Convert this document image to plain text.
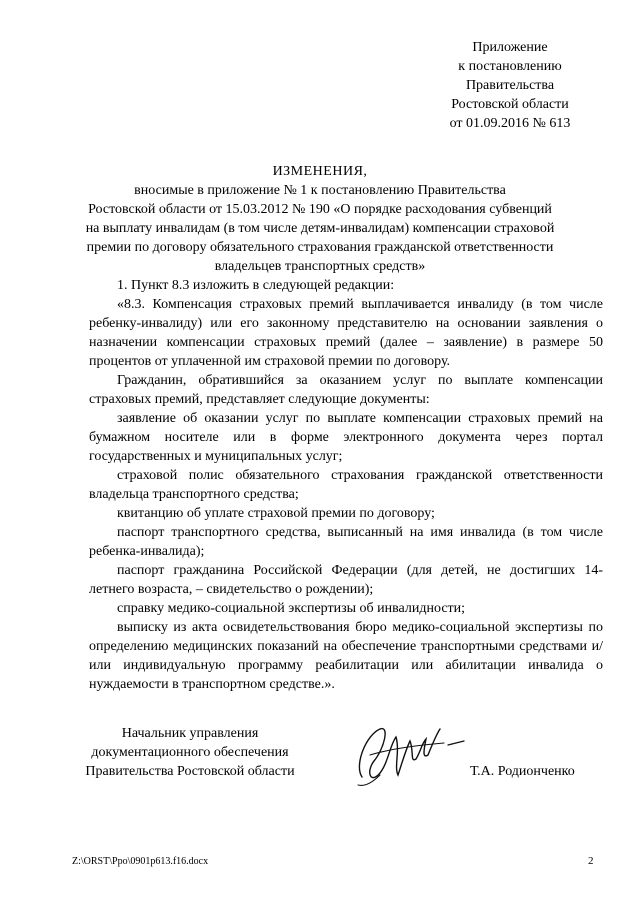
Приложение
к постановлению
Правительства
Ростовской области
от 01.09.2016 № 613
ИЗМЕНЕНИЯ,
вносимые в приложение № 1 к постановлению Правительства
Ростовской области от 15.03.2012 № 190 «О порядке расходования субвенций
на выплату инвалидам (в том числе детям-инвалидам) компенсации страховой
премии по договору обязательного страхования гражданской ответственности
владельцев транспортных средств»

1. Пункт 8.3 изложить в следующей редакции:

«8.3. Компенсация страховых премий выплачивается инвалиду (в том числе ребенку-инвалиду) или его законному представителю на основании заявления о назначении компенсации страховых премий (далее – заявление) в размере 50 процентов от уплаченной им страховой премии по договору.

Гражданин, обратившийся за оказанием услуг по выплате компенсации страховых премий, представляет следующие документы:

заявление об оказании услуг по выплате компенсации страховых премий на бумажном носителе или в форме электронного документа через портал государственных и муниципальных услуг;

страховой полис обязательного страхования гражданской ответственности владельца транспортного средства;

квитанцию об уплате страховой премии по договору;

паспорт транспортного средства, выписанный на имя инвалида (в том числе ребенка-инвалида);

паспорт гражданина Российской Федерации (для детей, не достигших 14-летнего возраста, – свидетельство о рождении);

справку медико-социальной экспертизы об инвалидности;

выписку из акта освидетельствования бюро медико-социальной экспертизы по определению медицинских показаний на обеспечение транспортными средствами и/или индивидуальную программу реабилитации или абилитации инвалида о нуждаемости в транспортном средстве.».

Начальник управления
документационного обеспечения
Правительства Ростовской области	Т.А. Родионченко
Z:\ORST\Ppo\0901p613.f16.docx	2
